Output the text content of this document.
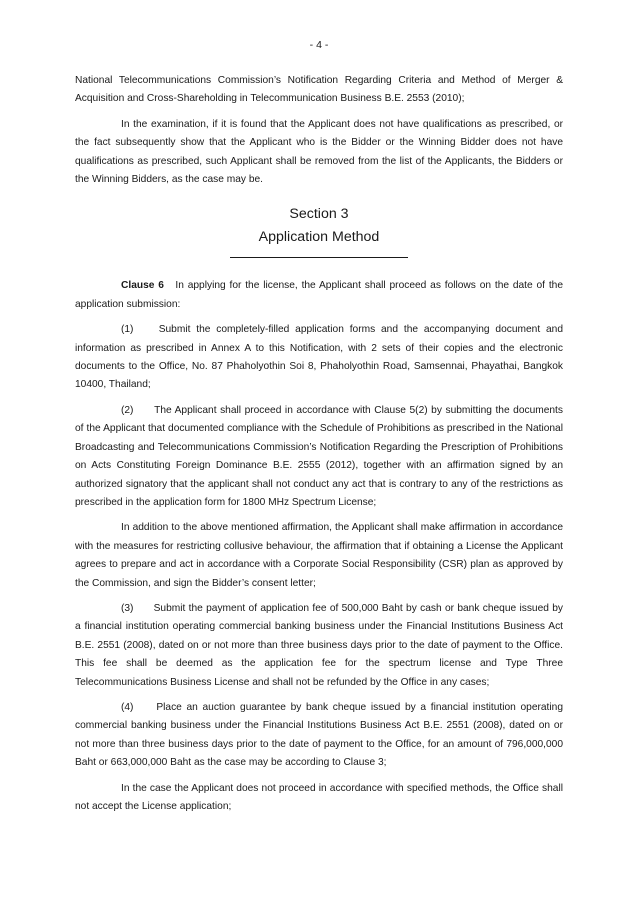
- 4 -

National Telecommunications Commission’s Notification Regarding Criteria and Method of Merger & Acquisition and Cross-Shareholding in Telecommunication Business B.E. 2553 (2010);

In the examination, if it is found that the Applicant does not have qualifications as prescribed, or the fact subsequently show that the Applicant who is the Bidder or the Winning Bidder does not have qualifications as prescribed, such Applicant shall be removed from the list of the Applicants, the Bidders or the Winning Bidders, as the case may be.

Section 3
Application Method

Clause 6 In applying for the license, the Applicant shall proceed as follows on the date of the application submission:

(1) Submit the completely-filled application forms and the accompanying document and information as prescribed in Annex A to this Notification, with 2 sets of their copies and the electronic documents to the Office, No. 87 Phaholyothin Soi 8, Phaholyothin Road, Samsennai, Phayathai, Bangkok 10400, Thailand;

(2) The Applicant shall proceed in accordance with Clause 5(2) by submitting the documents of the Applicant that documented compliance with the Schedule of Prohibitions as prescribed in the National Broadcasting and Telecommunications Commission’s Notification Regarding the Prescription of Prohibitions on Acts Constituting Foreign Dominance B.E. 2555 (2012), together with an affirmation signed by an authorized signatory that the applicant shall not conduct any act that is contrary to any of the restrictions as prescribed in the application form for 1800 MHz Spectrum License;

In addition to the above mentioned affirmation, the Applicant shall make affirmation in accordance with the measures for restricting collusive behaviour, the affirmation that if obtaining a License the Applicant agrees to prepare and act in accordance with a Corporate Social Responsibility (CSR) plan as approved by the Commission, and sign the Bidder’s consent letter;

(3) Submit the payment of application fee of 500,000 Baht by cash or bank cheque issued by a financial institution operating commercial banking business under the Financial Institutions Business Act B.E. 2551 (2008), dated on or not more than three business days prior to the date of payment to the Office. This fee shall be deemed as the application fee for the spectrum license and Type Three Telecommunications Business License and shall not be refunded by the Office in any cases;

(4) Place an auction guarantee by bank cheque issued by a financial institution operating commercial banking business under the Financial Institutions Business Act B.E. 2551 (2008), dated on or not more than three business days prior to the date of payment to the Office, for an amount of 796,000,000 Baht or 663,000,000 Baht as the case may be according to Clause 3;

In the case the Applicant does not proceed in accordance with specified methods, the Office shall not accept the License application;
